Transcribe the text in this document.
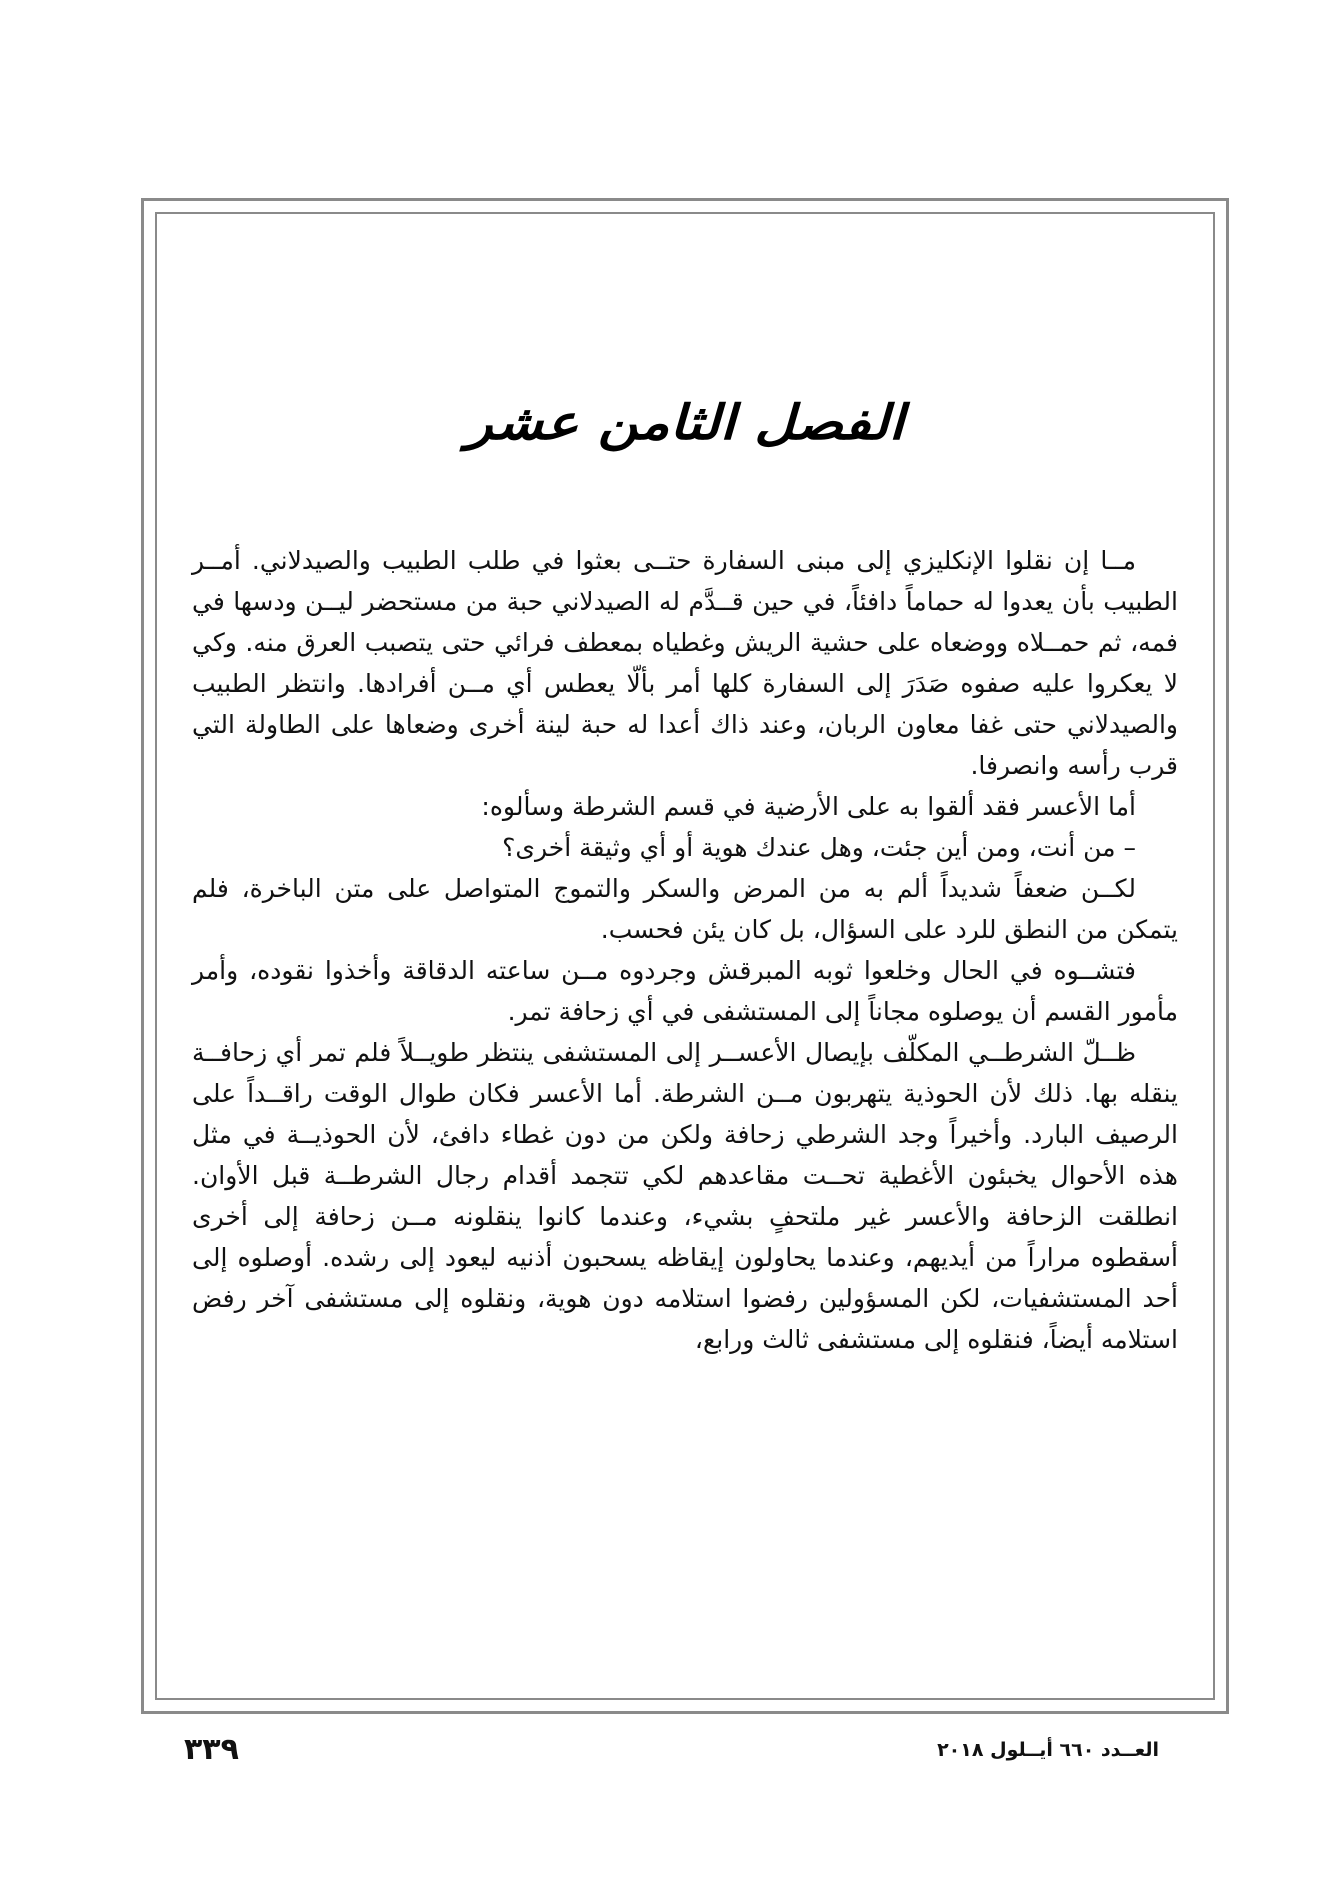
الفصل الثامن عشر

مــا إن نقلوا الإنكليزي إلى مبنى السفارة حتــى بعثوا في طلب الطبيب والصيدلاني. أمــر الطبيب بأن يعدوا له حماماً دافئاً، في حين قــدَّم له الصيدلاني حبة من مستحضر ليــن ودسها في فمه، ثم حمــلاه ووضعاه على حشية الريش وغطياه بمعطف فرائي حتى يتصبب العرق منه. وكي لا يعكروا عليه صفوه صَدَرَ إلى السفارة كلها أمر بألّا يعطس أي مــن أفرادها. وانتظر الطبيب والصيدلاني حتى غفا معاون الربان، وعند ذاك أعدا له حبة لينة أخرى وضعاها على الطاولة التي قرب رأسه وانصرفا.

أما الأعسر فقد ألقوا به على الأرضية في قسم الشرطة وسألوه:

– من أنت، ومن أين جئت، وهل عندك هوية أو أي وثيقة أخرى؟

لكــن ضعفاً شديداً ألم به من المرض والسكر والتموج المتواصل على متن الباخرة، فلم يتمكن من النطق للرد على السؤال، بل كان يئن فحسب.

فتشــوه في الحال وخلعوا ثوبه المبرقش وجردوه مــن ساعته الدقاقة وأخذوا نقوده، وأمر مأمور القسم أن يوصلوه مجاناً إلى المستشفى في أي زحافة تمر.

ظــلّ الشرطــي المكلّف بإيصال الأعســر إلى المستشفى ينتظر طويــلاً فلم تمر أي زحافــة ينقله بها. ذلك لأن الحوذية يتهربون مــن الشرطة. أما الأعسر فكان طوال الوقت راقــداً على الرصيف البارد. وأخيراً وجد الشرطي زحافة ولكن من دون غطاء دافئ، لأن الحوذيــة في مثل هذه الأحوال يخبئون الأغطية تحــت مقاعدهم لكي تتجمد أقدام رجال الشرطــة قبل الأوان. انطلقت الزحافة والأعسر غير ملتحفٍ بشيء، وعندما كانوا ينقلونه مــن زحافة إلى أخرى أسقطوه مراراً من أيديهم، وعندما يحاولون إيقاظه يسحبون أذنيه ليعود إلى رشده. أوصلوه إلى أحد المستشفيات، لكن المسؤولين رفضوا استلامه دون هوية، ونقلوه إلى مستشفى آخر رفض استلامه أيضاً، فنقلوه إلى مستشفى ثالث ورابع،

٣٣٩	العــدد ٦٦٠ أيــلول ٢٠١٨
